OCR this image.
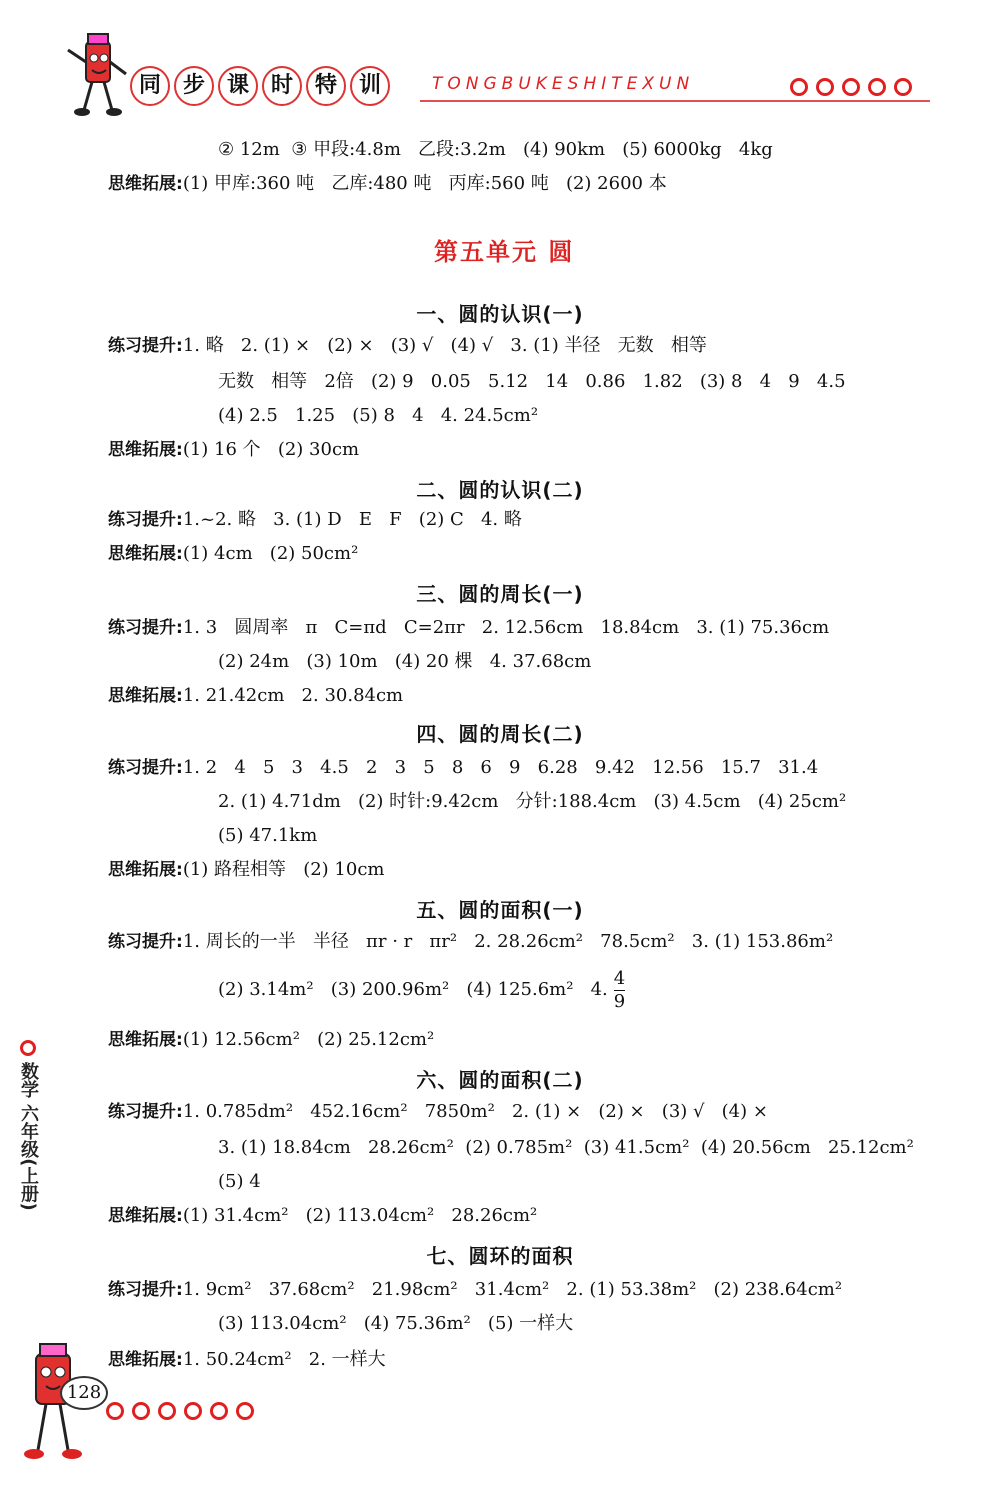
同 步 课 时 特 训	TONGBUKESHITEXUN
② 12m  ③ 甲段:4.8m   乙段:3.2m   (4) 90km   (5) 6000kg   4kg
思维拓展:(1) 甲库:360 吨   乙库:480 吨   丙库:560 吨   (2) 2600 本
第五单元 圆
一、圆的认识(一)
练习提升:1. 略   2. (1) ×   (2) ×   (3) √   (4) √   3. (1) 半径   无数   相等
无数   相等   2倍   (2) 9   0.05   5.12   14   0.86   1.82   (3) 8   4   9   4.5
(4) 2.5   1.25   (5) 8   4   4. 24.5cm²
思维拓展:(1) 16 个   (2) 30cm
二、圆的认识(二)
练习提升:1.~2. 略   3. (1) D   E   F   (2) C   4. 略
思维拓展:(1) 4cm   (2) 50cm²
三、圆的周长(一)
练习提升:1. 3   圆周率   π   C=πd   C=2πr   2. 12.56cm   18.84cm   3. (1) 75.36cm
(2) 24m   (3) 10m   (4) 20 棵   4. 37.68cm
思维拓展:1. 21.42cm   2. 30.84cm
四、圆的周长(二)
练习提升:1. 2   4   5   3   4.5   2   3   5   8   6   9   6.28   9.42   12.56   15.7   31.4
2. (1) 4.71dm   (2) 时针:9.42cm   分针:188.4cm   (3) 4.5cm   (4) 25cm²
(5) 47.1km
思维拓展:(1) 路程相等   (2) 10cm
五、圆的面积(一)
练习提升:1. 周长的一半   半径   πr · r   πr²   2. 28.26cm²   78.5cm²   3. (1) 153.86m²
(2) 3.14m²   (3) 200.96m²   (4) 125.6m²   4. $\frac{4}{9}$
思维拓展:(1) 12.56cm²   (2) 25.12cm²
六、圆的面积(二)
练习提升:1. 0.785dm²   452.16cm²   7850m²   2. (1) ×   (2) ×   (3) √   (4) ×
3. (1) 18.84cm   28.26cm²  (2) 0.785m²  (3) 41.5cm²  (4) 20.56cm   25.12cm²
(5) 4
思维拓展:(1) 31.4cm²   (2) 113.04cm²   28.26cm²
七、圆环的面积
练习提升:1. 9cm²   37.68cm²   21.98cm²   31.4cm²   2. (1) 53.38m²   (2) 238.64cm²
(3) 113.04cm²   (4) 75.36m²   (5) 一样大
思维拓展:1. 50.24cm²   2. 一样大
数学 六年级(上册)
128
